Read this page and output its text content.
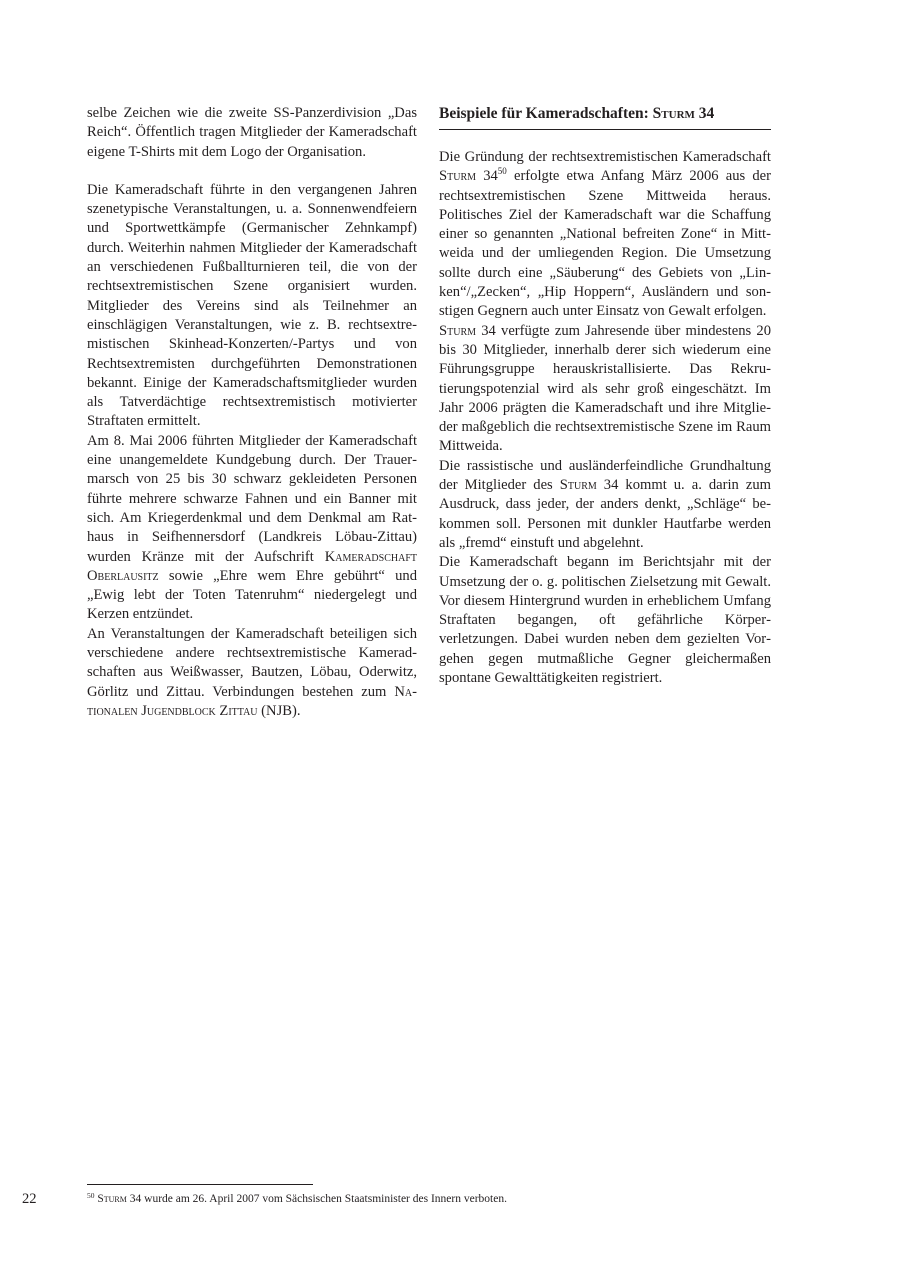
selbe Zeichen wie die zweite SS-Panzerdivision „Das Reich“. Öffentlich tragen Mitglieder der Kameradschaft eigene T-Shirts mit dem Logo der Organisation.

Die Kameradschaft führte in den vergangenen Jahren szenetypische Veranstaltungen, u. a. Sonnenwendfeiern und Sportwettkämpfe (Germanischer Zehnkampf) durch. Weiterhin nahmen Mitglieder der Kameradschaft an verschiedenen Fußballturnieren teil, die von der rechtsextremistischen Szene organisiert wurden. Mitglieder des Vereins sind als Teilnehmer an einschlägigen Veranstaltungen, wie z. B. rechtsextremistischen Skinhead-Konzerten/-Partys und von Rechtsextremisten durchgeführten Demonstrationen bekannt. Einige der Kameradschaftsmitglieder wurden als Tatverdächtige rechtsextremistisch motivierter Straftaten ermittelt.

Am 8. Mai 2006 führten Mitglieder der Kameradschaft eine unangemeldete Kundgebung durch. Der Trauermarsch von 25 bis 30 schwarz gekleideten Personen führte mehrere schwarze Fahnen und ein Banner mit sich. Am Kriegerdenkmal und dem Denkmal am Rathaus in Seifhennersdorf (Landkreis Löbau-Zittau) wurden Kränze mit der Aufschrift Kameradschaft Oberlausitz sowie „Ehre wem Ehre gebührt“ und „Ewig lebt der Toten Tatenruhm“ niedergelegt und Kerzen entzündet.

An Veranstaltungen der Kameradschaft beteiligen sich verschiedene andere rechtsextremistische Kameradschaften aus Weißwasser, Bautzen, Löbau, Oderwitz, Görlitz und Zittau. Verbindungen bestehen zum Nationalen Jugendblock Zittau (NJB).

Beispiele für Kameradschaften: Sturm 34

Die Gründung der rechtsextremistischen Kameradschaft Sturm $34^{50}$ erfolgte etwa Anfang März 2006 aus der rechtsextremistischen Szene Mittweida heraus. Politisches Ziel der Kameradschaft war die Schaffung einer so genannten „National befreiten Zone“ in Mittweida und der umliegenden Region. Die Umsetzung sollte durch eine „Säuberung“ des Gebiets von „Linken“/„Zecken“, „Hip Hoppern“, Ausländern und sonstigen Gegnern auch unter Einsatz von Gewalt erfolgen.

Sturm 34 verfügte zum Jahresende über mindestens 20 bis 30 Mitglieder, innerhalb derer sich wiederum eine Führungsgruppe herauskristallisierte. Das Rekrutierungspotenzial wird als sehr groß eingeschätzt. Im Jahr 2006 prägten die Kameradschaft und ihre Mitglieder maßgeblich die rechtsextremistische Szene im Raum Mittweida.

Die rassistische und ausländerfeindliche Grundhaltung der Mitglieder des Sturm 34 kommt u. a. darin zum Ausdruck, dass jeder, der anders denkt, „Schläge“ bekommen soll. Personen mit dunkler Hautfarbe werden als „fremd“ einstuft und abgelehnt.

Die Kameradschaft begann im Berichtsjahr mit der Umsetzung der o. g. politischen Zielsetzung mit Gewalt. Vor diesem Hintergrund wurden in erheblichem Umfang Straftaten begangen, oft gefährliche Körperverletzungen. Dabei wurden neben dem gezielten Vorgehen gegen mutmaßliche Gegner gleichermaßen spontane Gewalttätigkeiten registriert.

$^{50}$ Sturm 34 wurde am 26. April 2007 vom Sächsischen Staatsminister des Innern verboten.

22
